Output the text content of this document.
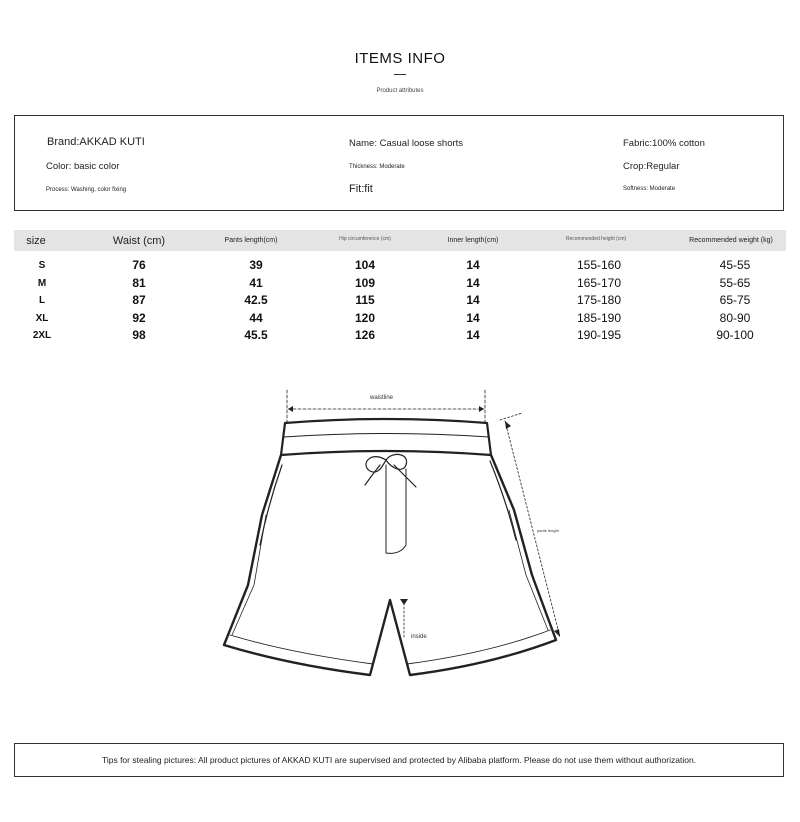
ITEMS INFO
Product attributes
Brand:AKKAD KUTI	Name: Casual loose shorts	Fabric:100% cotton
Color: basic color	Thickness: Moderate	Crop:Regular
Process: Washing, color fixing	Fit:fit	Softness: Moderate
size	Waist (cm)	Pants length(cm)	Hip circumference (cm)	Inner length(cm)	Recommended height (cm)	Recommended weight (kg)
S	76	39	104	14	155-160	45-55
M	81	41	109	14	165-170	55-65
L	87	42.5	115	14	175-180	65-75
XL	92	44	120	14	185-190	80-90
2XL	98	45.5	126	14	190-195	90-100
waistline
pants length
inside
Tips for stealing pictures: All product pictures of AKKAD KUTI are supervised and protected by Alibaba platform. Please do not use them without authorization.
